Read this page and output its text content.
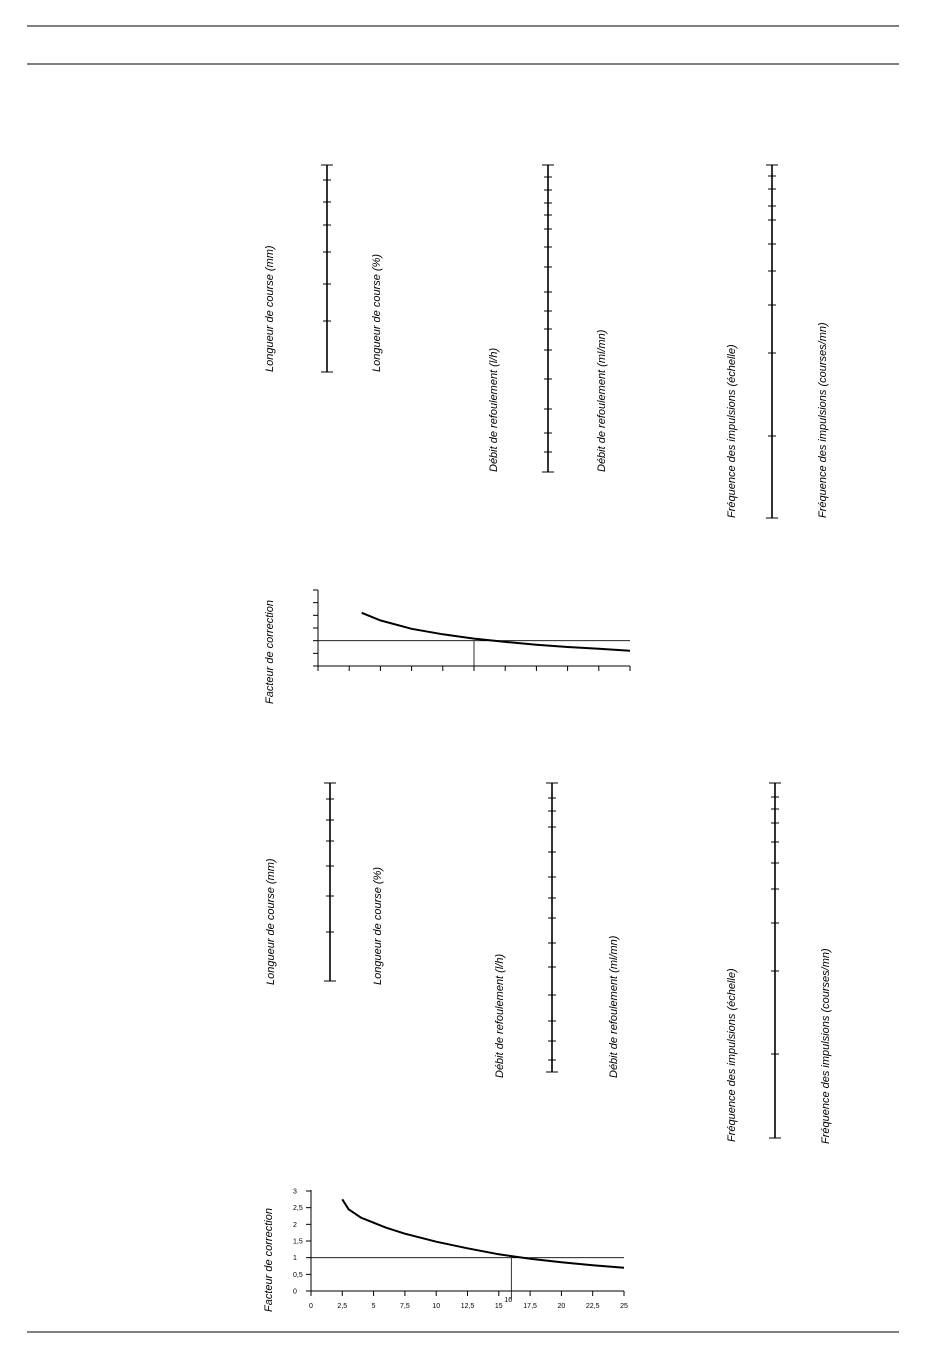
Longueur de course (mm)	Longueur de course (%)
Débit de refoulement (l/h)	Débit de refoulement (ml/mn)	Fréquence des impulsions (échelle)	Fréquence des impulsions (courses/mn)
Facteur de correction
Longueur de course (mm)	Longueur de course (%)
Débit de refoulement (l/h)	Débit de refoulement (ml/mn)	Fréquence des impulsions (échelle)	Fréquence des impulsions (courses/mn)
Facteur de correction	0	2,5	5	7,5	10	12,5	15	17,5	20	22,5	25
0
0,5
1
1,5
2
2,5
3
16
